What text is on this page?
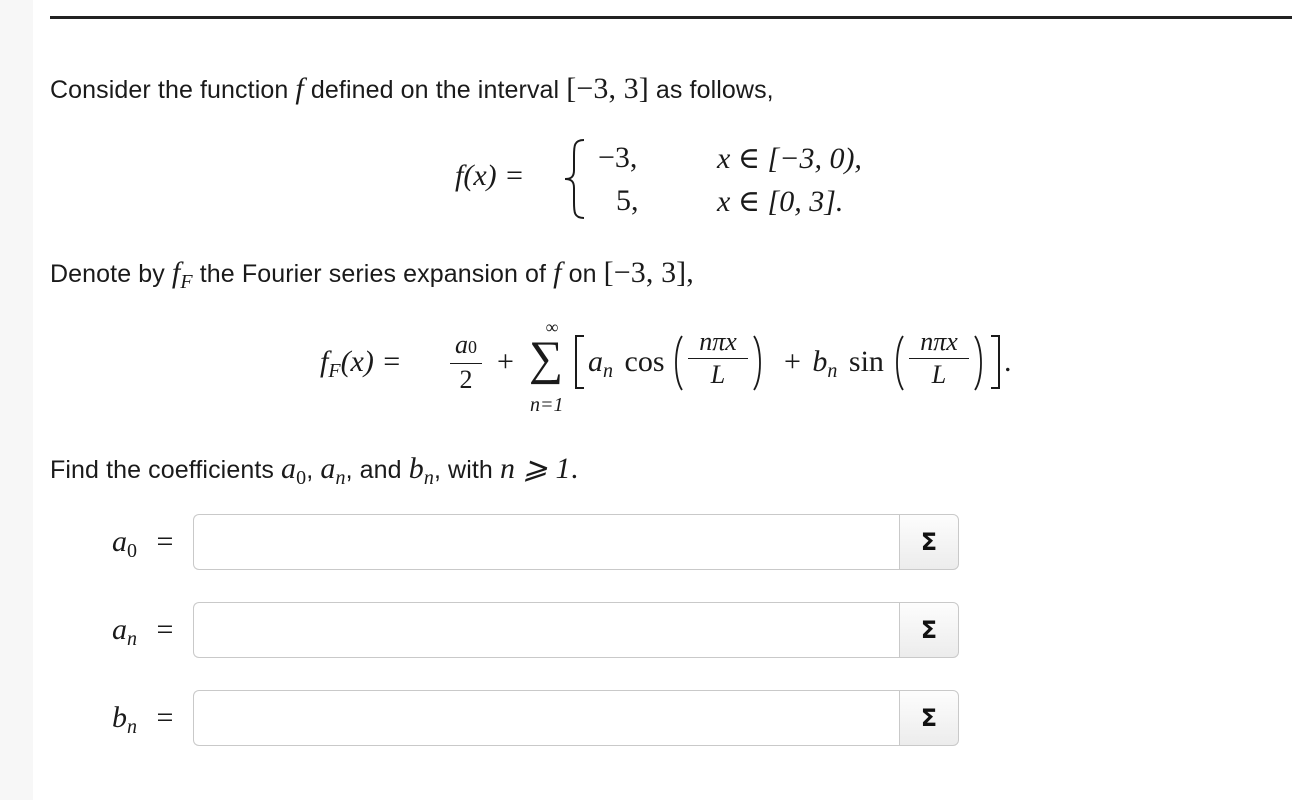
Consider the function f defined on the interval [−3, 3] as follows,
f(x) =
−3,	x ∈ [−3, 0),
5,	x ∈ [0, 3].
Denote by $f_F$ the Fourier series expansion of f on [−3, 3],
$f_F(x)$ =
a0
2
+
∞
∑
n=1
$a_n$ cos
nπx
L	+ $b_n$ sin
nπx
L	.
Find the coefficients $a_0$, $a_n$, and $b_n$, with n ⩾ 1.
$a_0$ =	Σ
$a_n$ =	Σ
$b_n$ =	Σ
